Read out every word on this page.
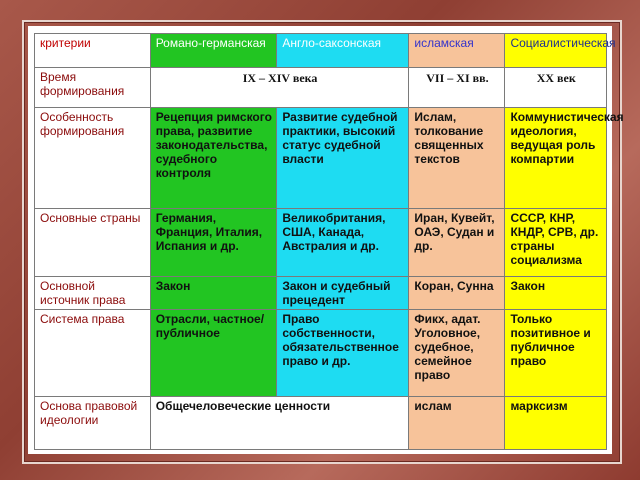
критерии	Романо-германская	Англо-саксонская	исламская	Социалистическая
Время формирования	IX – XIV века		VII – XI вв.	XX век
Особенность формирования	Рецепция римского права, развитие законодательства, судебного контроля	Развитие судебной практики, высокий статус судебной власти	Ислам, толкование священных текстов	Коммунистическая идеология, ведущая роль компартии
Основные страны	Германия, Франция, Италия, Испания и др.	Великобритания, США, Канада, Австралия и др.	Иран, Кувейт, ОАЭ, Судан и др.	СССР, КНР, КНДР, СРВ, др. страны социализма
Основной источник права	Закон	Закон и судебный прецедент	Коран, Сунна	Закон
Система права	Отрасли, частное/ публичное	Право собственности, обязательственное право и др.	Фикх, адат. Уголовное, судебное, семейное право	Только позитивное и публичное право
Основа правовой идеологии	Общечеловеческие ценности		ислам	марксизм
